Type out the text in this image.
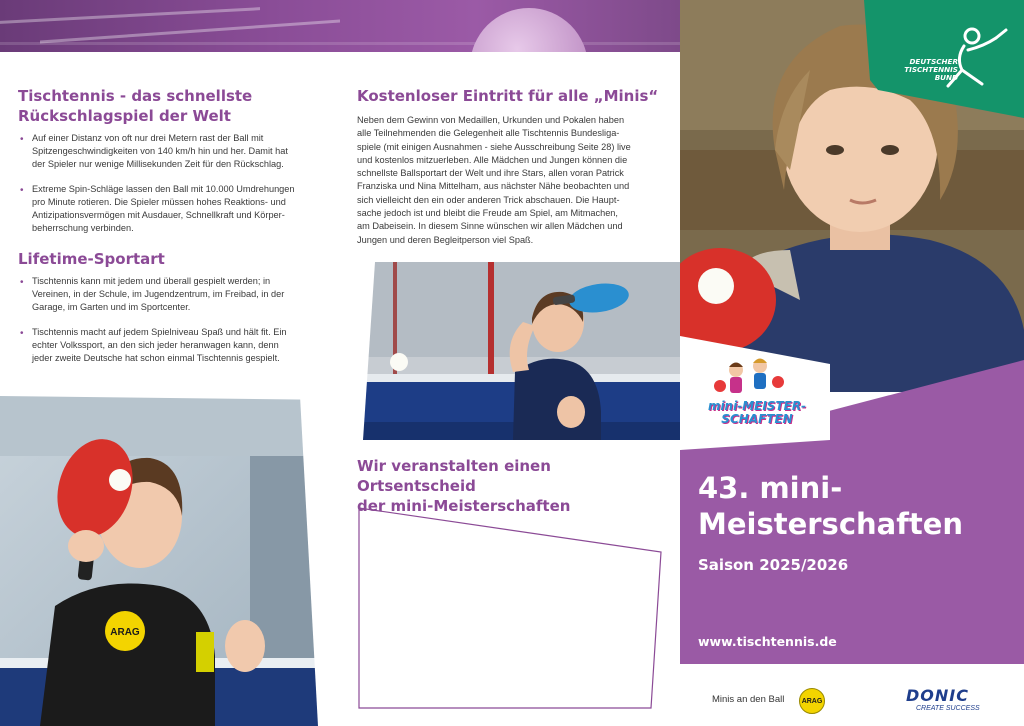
Tischtennis - das schnellste
Rückschlagspiel der Welt
• Auf einer Distanz von oft nur drei Metern rast der Ball mit
Spitzengeschwindigkeiten von 140 km/h hin und her. Damit hat
der Spieler nur wenige Millisekunden Zeit für den Rückschlag.
• Extreme Spin-Schläge lassen den Ball mit 10.000 Umdrehungen
pro Minute rotieren. Die Spieler müssen hohes Reaktions- und
Antizipationsvermögen mit Ausdauer, Schnellkraft und Körper-
beherrschung verbinden.
Lifetime-Sportart
• Tischtennis kann mit jedem und überall gespielt werden; in
Vereinen, in der Schule, im Jugendzentrum, im Freibad, in der
Garage, im Garten und im Sportcenter.
• Tischtennis macht auf jedem Spielniveau Spaß und hält fit. Ein
echter Volkssport, an den sich jeder heranwagen kann, denn
jeder zweite Deutsche hat schon einmal Tischtennis gespielt.
ARAG
Kostenloser Eintritt für alle „Minis“
Neben dem Gewinn von Medaillen, Urkunden und Pokalen haben
alle Teilnehmenden die Gelegenheit alle Tischtennis Bundesliga-
spiele (mit einigen Ausnahmen - siehe Ausschreibung Seite 28) live
und kostenlos mitzuerleben. Alle Mädchen und Jungen können die
schnellste Ballsportart der Welt und ihre Stars, allen voran Patrick
Franziska und Nina Mittelham, aus nächster Nähe beobachten und
sich vielleicht den ein oder anderen Trick abschauen. Die Haupt-
sache jedoch ist und bleibt die Freude am Spiel, am Mitmachen,
am Dabeisein. In diesem Sinne wünschen wir allen Mädchen und
Jungen und deren Begleitperson viel Spaß.
Wir veranstalten einen Ortsentscheid
der mini-Meisterschaften
DEUTSCHER
TISCHTENNIS
BUND
mini-MEISTER-
SCHAFTEN
43. mini-
Meisterschaften
Saison 2025/2026
www.tischtennis.de
Minis an den Ball	ARAG	DONIC
CREATE SUCCESS
